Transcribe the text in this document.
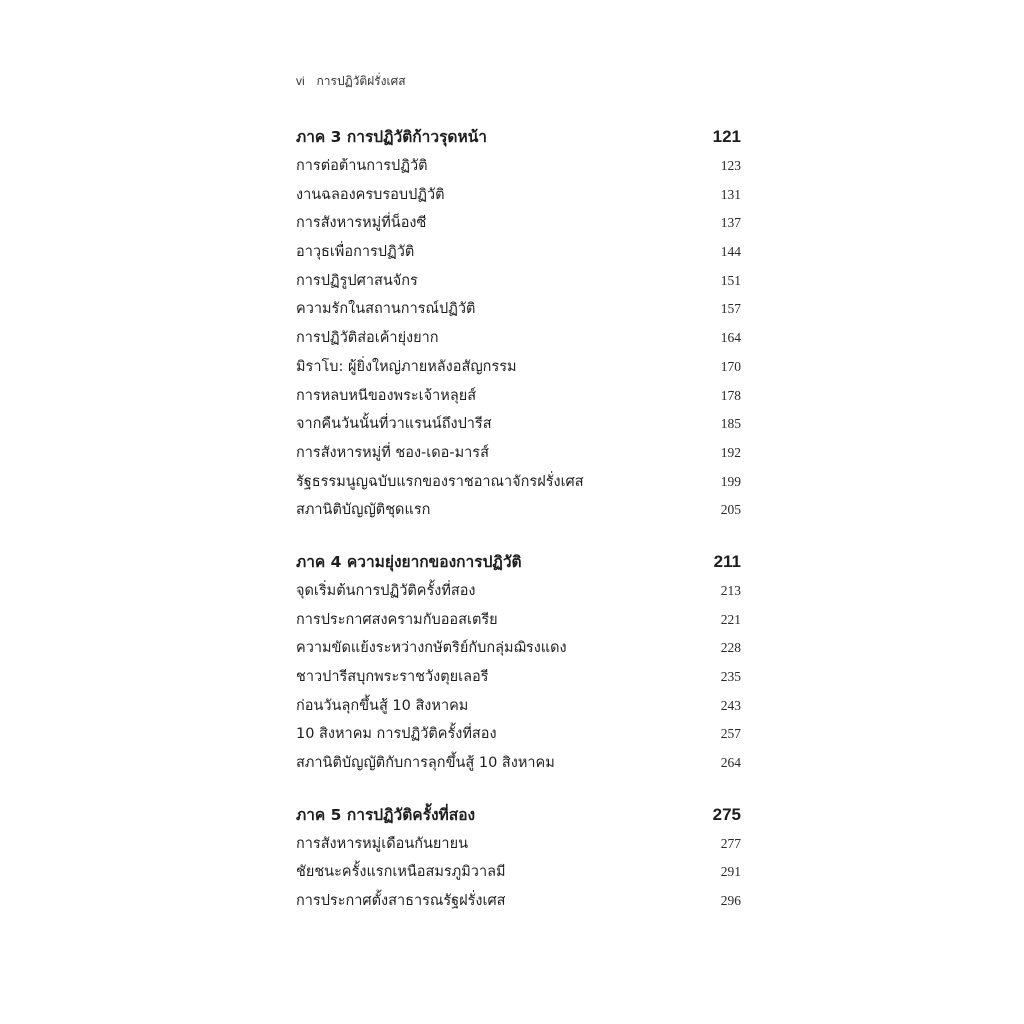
vi การปฏิวัติฝรั่งเศส
ภาค 3 การปฏิวัติก้าวรุดหน้า	121
การต่อต้านการปฏิวัติ	123
งานฉลองครบรอบปฏิวัติ	131
การสังหารหมู่ที่น็องซี	137
อาวุธเพื่อการปฏิวัติ	144
การปฏิรูปศาสนจักร	151
ความรักในสถานการณ์ปฏิวัติ	157
การปฏิวัติส่อเค้ายุ่งยาก	164
มิราโบ: ผู้ยิ่งใหญ่ภายหลังอสัญกรรม	170
การหลบหนีของพระเจ้าหลุยส์	178
จากคืนวันนั้นที่วาแรนน์ถึงปารีส	185
การสังหารหมู่ที่ ชอง-เดอ-มารส์	192
รัฐธรรมนูญฉบับแรกของราชอาณาจักรฝรั่งเศส	199
สภานิติบัญญัติชุดแรก	205
ภาค 4 ความยุ่งยากของการปฏิวัติ	211
จุดเริ่มต้นการปฏิวัติครั้งที่สอง	213
การประกาศสงครามกับออสเตรีย	221
ความขัดแย้งระหว่างกษัตริย์กับกลุ่มฌิรงแดง	228
ชาวปารีสบุกพระราชวังตุยเลอรี	235
ก่อนวันลุกขึ้นสู้ 10 สิงหาคม	243
10 สิงหาคม การปฏิวัติครั้งที่สอง	257
สภานิติบัญญัติกับการลุกขึ้นสู้ 10 สิงหาคม	264
ภาค 5 การปฏิวัติครั้งที่สอง	275
การสังหารหมู่เดือนกันยายน	277
ชัยชนะครั้งแรกเหนือสมรภูมิวาลมี	291
การประกาศตั้งสาธารณรัฐฝรั่งเศส	296
